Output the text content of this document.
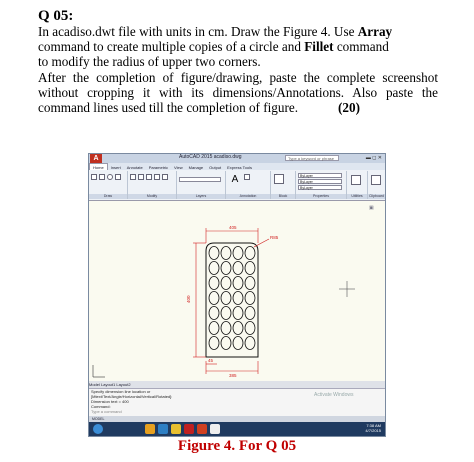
Q 05:

In acadiso.dwt file with units in cm. Draw the Figure 4. Use Array

command to create multiple copies of a circle and Fillet command

to modify the radius of upper two corners.

After the completion of figure/drawing, paste the complete screenshot without cropping it with its dimensions/Annotations. Also paste the command lines used till the completion of figure.	(20)

A	AutoCAD 2015 acadiso.dwg	Type a keyword or phrase	▬ ◻ ✕
Home Insert Annotate Parametric View Manage Output Express Tools
Draw	Modify	Layers
A
Annotation	Block
ByLayer
ByLayer
ByLayer
Properties	Utilities	Clipboard
▣
405
R85
400
385
45
Model Layout1 Layout2
Specify dimension line location or
[Mtext/Text/Angle/Horizontal/Vertical/Rotated]:
Dimension text = 400
Command:
Type a command
Activate Windows
MODEL
7:38 AM
4/7/2015
Figure 4. For Q 05
